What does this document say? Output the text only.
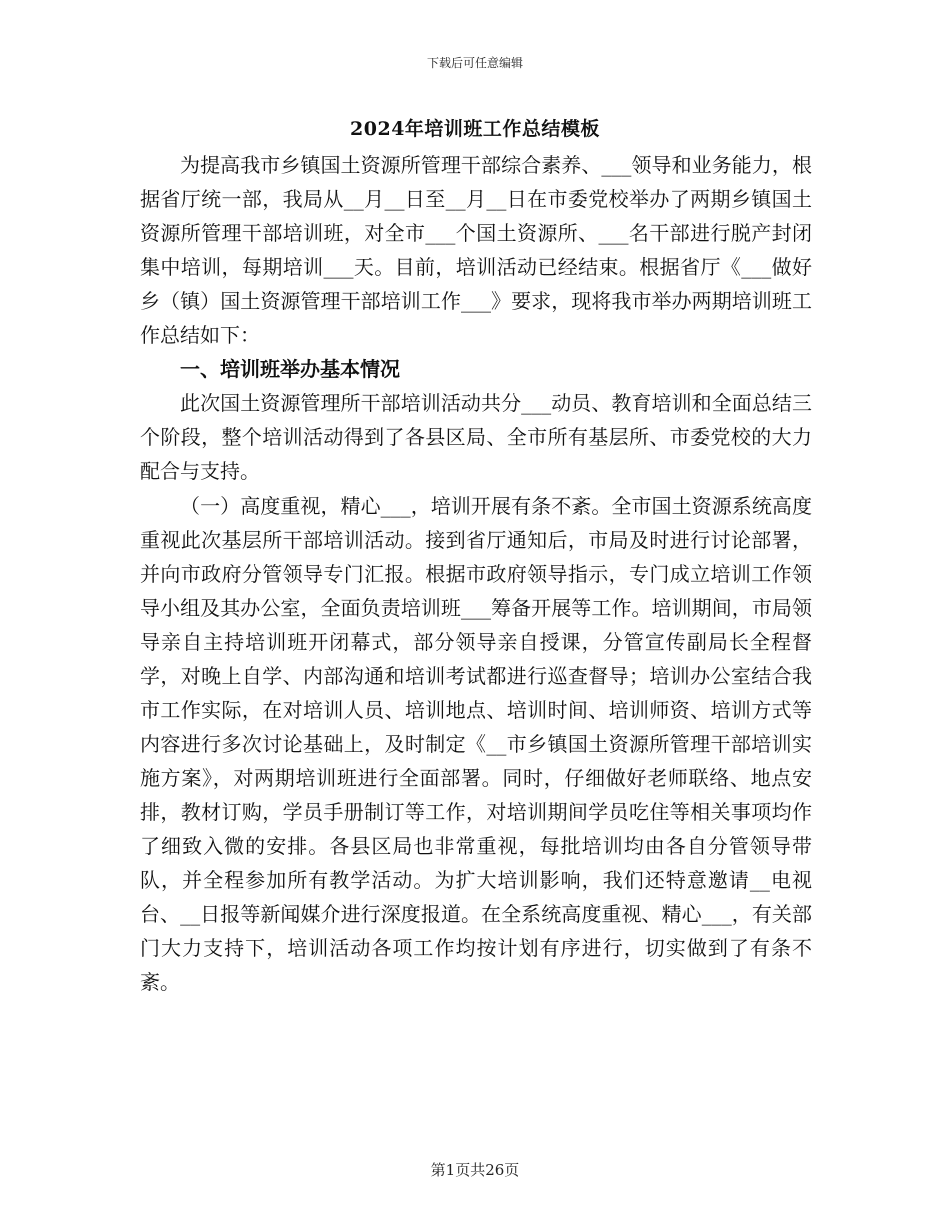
下载后可任意编辑
2024年培训班工作总结模板

为提高我市乡镇国土资源所管理干部综合素养、___领导和业务能力，根据省厅统一部，我局从__月__日至__月__日在市委党校举办了两期乡镇国土资源所管理干部培训班，对全市___个国土资源所、___名干部进行脱产封闭集中培训，每期培训___天。目前，培训活动已经结束。根据省厅《___做好乡（镇）国土资源管理干部培训工作___》要求，现将我市举办两期培训班工作总结如下：

一、培训班举办基本情况

此次国土资源管理所干部培训活动共分___动员、教育培训和全面总结三个阶段，整个培训活动得到了各县区局、全市所有基层所、市委党校的大力配合与支持。

（一）高度重视，精心___，培训开展有条不紊。全市国土资源系统高度重视此次基层所干部培训活动。接到省厅通知后，市局及时进行讨论部署，并向市政府分管领导专门汇报。根据市政府领导指示，专门成立培训工作领导小组及其办公室，全面负责培训班___筹备开展等工作。培训期间，市局领导亲自主持培训班开闭幕式，部分领导亲自授课，分管宣传副局长全程督学，对晚上自学、内部沟通和培训考试都进行巡查督导；培训办公室结合我市工作实际，在对培训人员、培训地点、培训时间、培训师资、培训方式等内容进行多次讨论基础上，及时制定《__市乡镇国土资源所管理干部培训实施方案》，对两期培训班进行全面部署。同时，仔细做好老师联络、地点安排，教材订购，学员手册制订等工作，对培训期间学员吃住等相关事项均作了细致入微的安排。各县区局也非常重视，每批培训均由各自分管领导带队，并全程参加所有教学活动。为扩大培训影响，我们还特意邀请__电视台、__日报等新闻媒介进行深度报道。在全系统高度重视、精心___，有关部门大力支持下，培训活动各项工作均按计划有序进行，切实做到了有条不紊。

第1页共26页
